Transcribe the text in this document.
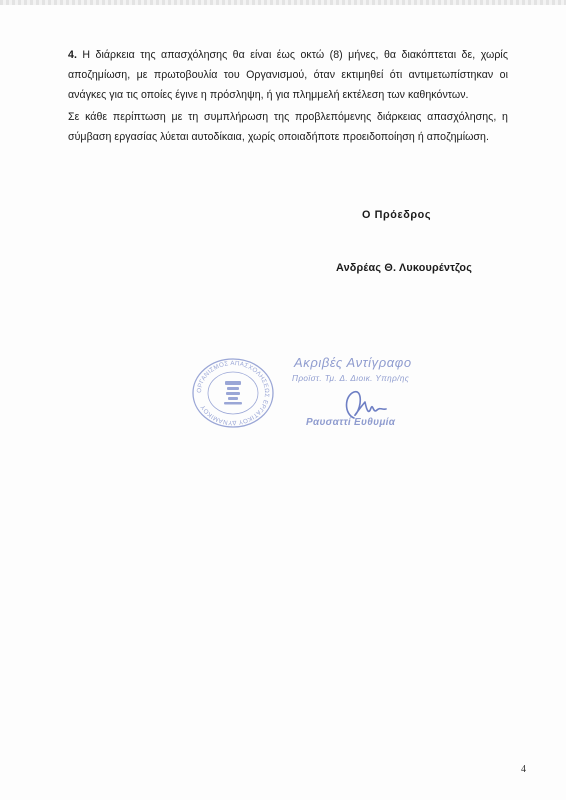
4. Η διάρκεια της απασχόλησης θα είναι έως οκτώ (8) μήνες, θα διακόπτεται δε, χωρίς αποζημίωση, με πρωτοβουλία του Οργανισμού, όταν εκτιμηθεί ότι αντιμετωπίστηκαν οι ανάγκες για τις οποίες έγινε η πρόσληψη, ή για πλημμελή εκτέλεση των καθηκόντων.

Σε κάθε περίπτωση με τη συμπλήρωση της προβλεπόμενης διάρκειας απασχόλησης, η σύμβαση εργασίας λύεται αυτοδίκαια, χωρίς οποιαδήποτε προειδοποίηση ή αποζημίωση.

Ο Πρόεδρος
Ανδρέας Θ. Λυκουρέντζος
ΟΡΓΑΝΙΣΜΟΣ ΑΠΑΣΧΟΛΗΣΕΩΣ ΕΡΓΑΤΙΚΟΥ ΔΥΝΑΜΙΚΟΥ
Ακριβές Αντίγραφο
Προϊστ. Τμ. Δ. Διοικ. Υπηρ/ης
Ραυσαττί Ευθυμία
4
